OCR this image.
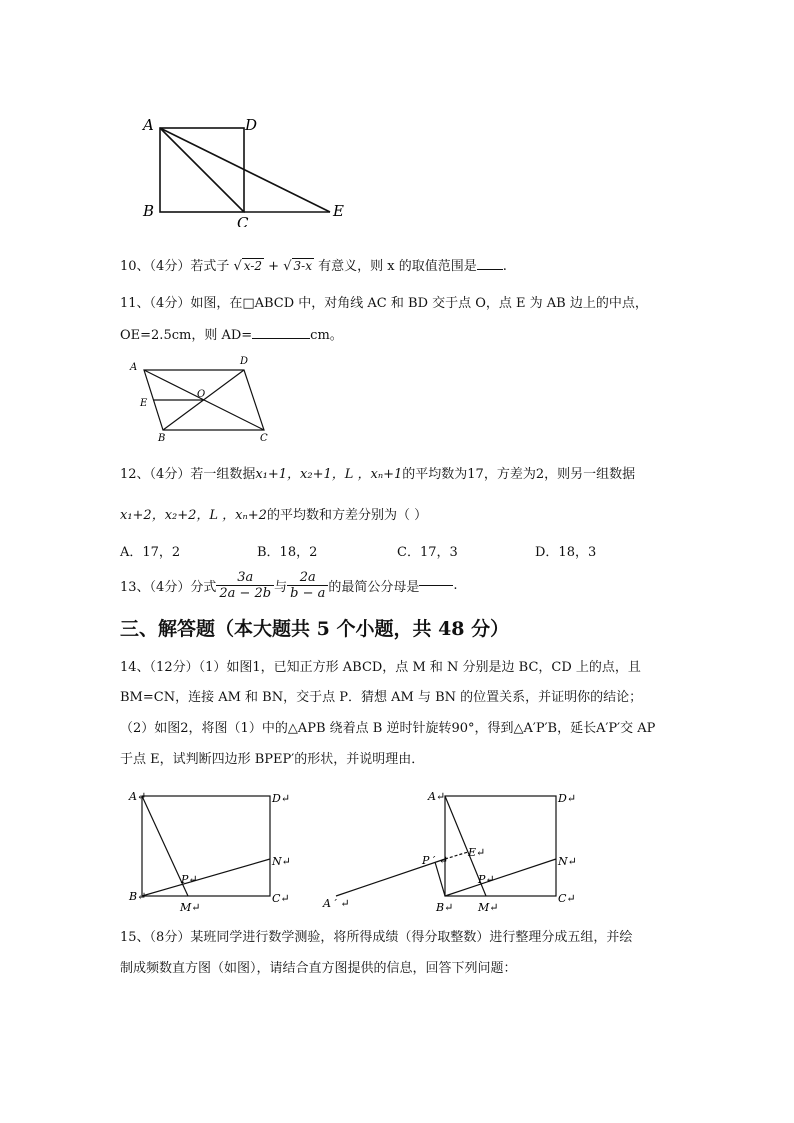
A	D
B
C
E
10、（4分）若式子 √ x-2 + √ 3-x 有意义，则 x 的取值范围是 .
11、（4分）如图，在□ABCD 中，对角线 AC 和 BD 交于点 O，点 E 为 AB 边上的中点，
OE=2.5cm，则 AD=	cm。
A
D
E
O
B	C
12、（4分）若一组数据x₁+1，x₂+1，L ，xₙ+1的平均数为17，方差为2，则另一组数据
x₁+2，x₂+2，L ，xₙ+2的平均数和方差分别为（ ）
A．17，2	B．18，2	C．17，3	D．18，3
13、（4分）分式 $\frac{3a}{2a - 2b}$ 与 $\frac{2a}{b - a}$ 的最简公分母是	.
三、解答题（本大题共 5 个小题，共 48 分）
14、（12分）（1）如图1，已知正方形 ABCD，点 M 和 N 分别是边 BC，CD 上的点，且
BM=CN，连接 AM 和 BN，交于点 P．猜想 AM 与 BN 的位置关系，并证明你的结论；
（2）如图2，将图（1）中的△APB 绕着点 B 逆时针旋转90°，得到△A′P′B，延长A′P′交 AP
于点 E，试判断四边形 BPEP′的形状，并说明理由．
A↵	D↵
N↵
P↵
B↵	C↵
M↵
A↵	D↵
P ′ ↵
E↵
N↵
P↵
A ′ ↵	B↵ M↵
C↵
15、（8分）某班同学进行数学测验，将所得成绩（得分取整数）进行整理分成五组，并绘
制成频数直方图（如图），请结合直方图提供的信息，回答下列问题：
